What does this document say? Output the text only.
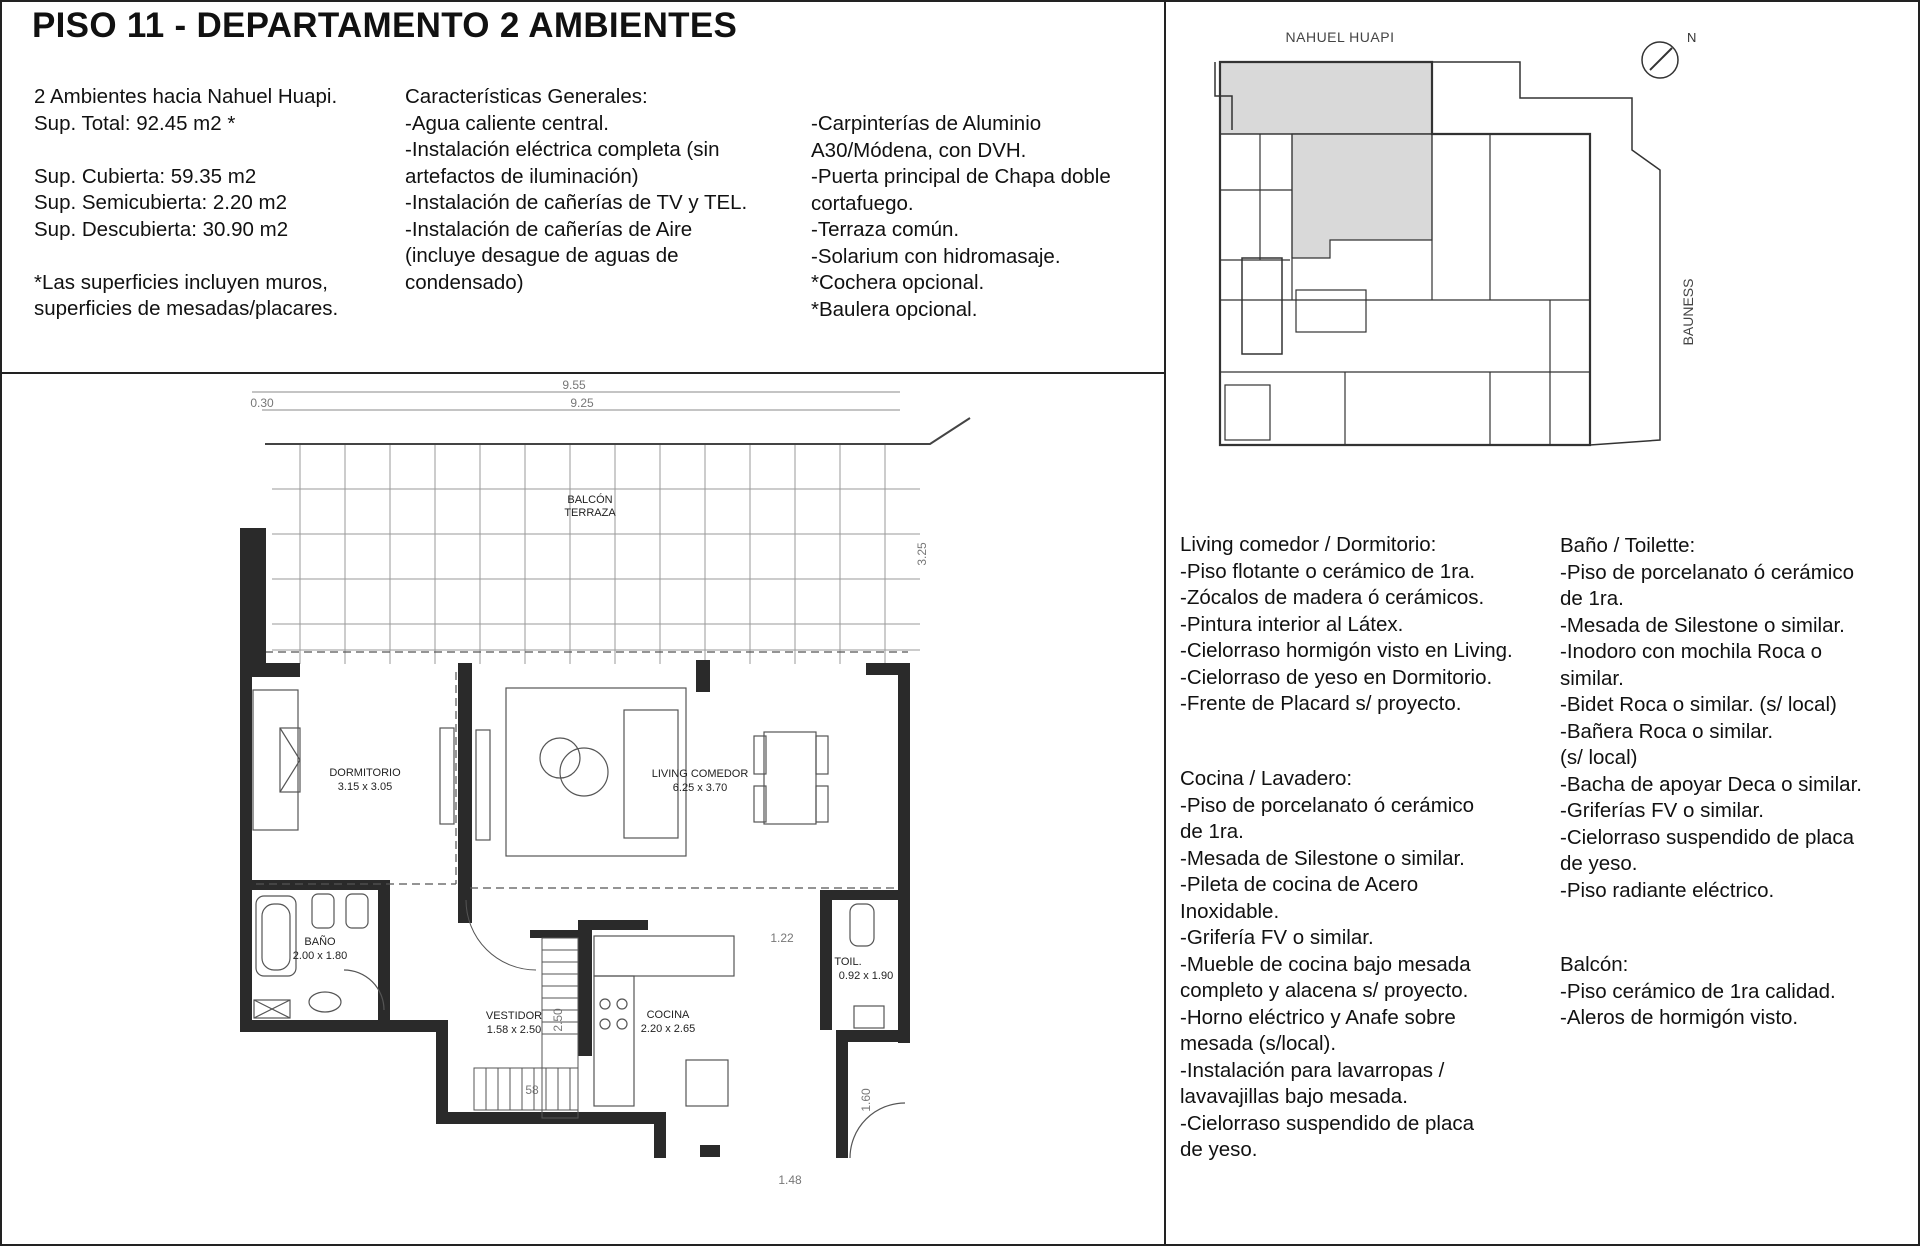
PISO 11 - DEPARTAMENTO 2 AMBIENTES
2 Ambientes hacia Nahuel Huapi.
Sup. Total: 92.45 m2 *
Sup. Cubierta: 59.35 m2
Sup. Semicubierta: 2.20 m2
Sup. Descubierta: 30.90 m2
*Las superficies incluyen muros,
superficies de mesadas/placares.
Características Generales:
-Agua caliente central.
-Instalación eléctrica completa (sin
artefactos de iluminación)
-Instalación de cañerías de TV y TEL.
-Instalación de cañerías de Aire
(incluye desague de aguas de
condensado)
-Carpinterías de Aluminio
A30/Módena, con DVH.
-Puerta principal de Chapa doble
cortafuego.
-Terraza común.
-Solarium con hidromasaje.
*Cochera opcional.
*Baulera opcional.
Living comedor / Dormitorio:
-Piso flotante o cerámico de 1ra.
-Zócalos de madera ó cerámicos.
-Pintura interior al Látex.
-Cielorraso hormigón visto en Living.
-Cielorraso de yeso en Dormitorio.
-Frente de Placard s/ proyecto.
Cocina / Lavadero:
-Piso de porcelanato ó cerámico
de 1ra.
-Mesada de Silestone o similar.
-Pileta de cocina de Acero
Inoxidable.
-Grifería FV o similar.
-Mueble de cocina bajo mesada
completo y alacena s/ proyecto.
-Horno eléctrico y Anafe sobre
mesada (s/local).
-Instalación para lavarropas /
lavavajillas bajo mesada.
-Cielorraso suspendido de placa
de yeso.
Baño / Toilette:
-Piso de porcelanato ó cerámico
de 1ra.
-Mesada de Silestone o similar.
-Inodoro con mochila Roca o
similar.
-Bidet Roca o similar. (s/ local)
-Bañera Roca o similar.
(s/ local)
-Bacha de apoyar Deca o similar.
-Griferías FV o similar.
-Cielorraso suspendido de placa
de yeso.
-Piso radiante eléctrico.
Balcón:
-Piso cerámico de 1ra calidad.
-Aleros de hormigón visto.
NAHUEL HUAPI
BAUNESS
N
9.55
9.25
0.30
3.25
1.22
1.60
1.48
2.50
58
BALCÓN
TERRAZA
DORMITORIO
3.15 x 3.05
LIVING COMEDOR
6.25 x 3.70
BAÑO
2.00 x 1.80
VESTIDOR
1.58 x 2.50
COCINA
2.20 x 2.65
TOIL.
0.92 x 1.90
